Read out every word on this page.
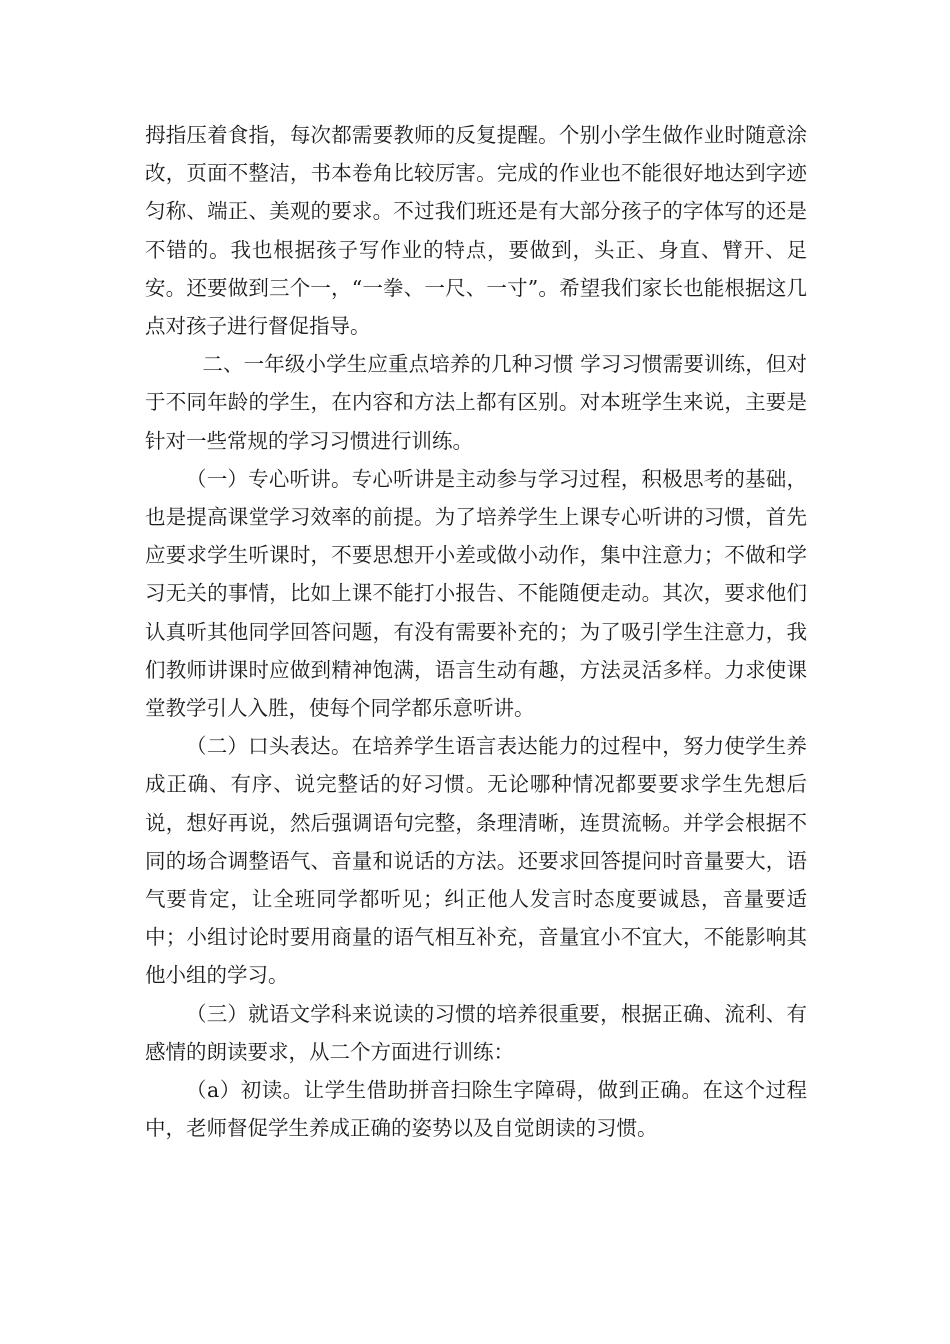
拇指压着食指，每次都需要教师的反复提醒。个别小学生做作业时随意涂改，页面不整洁，书本卷角比较厉害。完成的作业也不能很好地达到字迹匀称、端正、美观的要求。不过我们班还是有大部分孩子的字体写的还是不错的。我也根据孩子写作业的特点，要做到，头正、身直、臂开、足安。还要做到三个一，“一拳、一尺、一寸”。希望我们家长也能根据这几点对孩子进行督促指导。

二、一年级小学生应重点培养的几种习惯 学习习惯需要训练，但对于不同年龄的学生，在内容和方法上都有区别。对本班学生来说，主要是针对一些常规的学习习惯进行训练。

（一）专心听讲。专心听讲是主动参与学习过程，积极思考的基础，也是提高课堂学习效率的前提。为了培养学生上课专心听讲的习惯，首先应要求学生听课时，不要思想开小差或做小动作，集中注意力；不做和学习无关的事情，比如上课不能打小报告、不能随便走动。其次，要求他们认真听其他同学回答问题，有没有需要补充的；为了吸引学生注意力，我们教师讲课时应做到精神饱满，语言生动有趣，方法灵活多样。力求使课堂教学引人入胜，使每个同学都乐意听讲。

（二）口头表达。在培养学生语言表达能力的过程中，努力使学生养成正确、有序、说完整话的好习惯。无论哪种情况都要要求学生先想后说，想好再说，然后强调语句完整，条理清晰，连贯流畅。并学会根据不同的场合调整语气、音量和说话的方法。还要求回答提问时音量要大，语气要肯定，让全班同学都听见；纠正他人发言时态度要诚恳，音量要适中；小组讨论时要用商量的语气相互补充，音量宜小不宜大，不能影响其他小组的学习。

（三）就语文学科来说读的习惯的培养很重要，根据正确、流利、有感情的朗读要求，从二个方面进行训练：

（a）初读。让学生借助拼音扫除生字障碍，做到正确。在这个过程中，老师督促学生养成正确的姿势以及自觉朗读的习惯。
